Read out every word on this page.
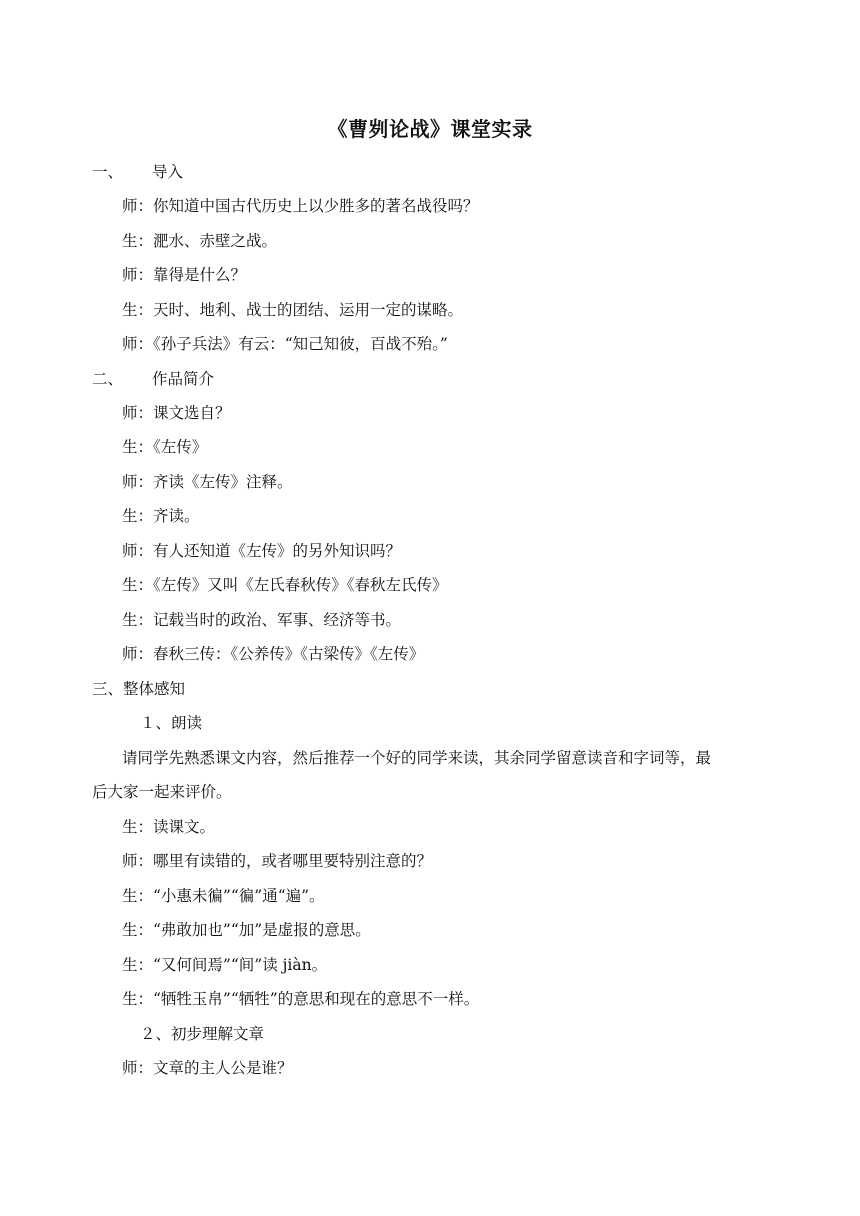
《曹刿论战》课堂实录
一、 导入
师：你知道中国古代历史上以少胜多的著名战役吗？
生：淝水、赤壁之战。
师：靠得是什么？
生：天时、地利、战士的团结、运用一定的谋略。
师：《孙子兵法》有云：“知己知彼，百战不殆。”
二、 作品简介
师：课文选自？
生：《左传》
师：齐读《左传》注释。
生：齐读。
师：有人还知道《左传》的另外知识吗？
生：《左传》又叫《左氏春秋传》《春秋左氏传》
生：记载当时的政治、军事、经济等书。
师：春秋三传：《公养传》《古梁传》《左传》
三、整体感知
１、朗读
请同学先熟悉课文内容，然后推荐一个好的同学来读，其余同学留意读音和字词等，最
后大家一起来评价。
生：读课文。
师：哪里有读错的，或者哪里要特别注意的？
生：“小惠未徧”“徧”通“遍”。
生：“弗敢加也”“加”是虚报的意思。
生：“又何间焉”“间”读 jiàn。
生：“牺牲玉帛”“牺牲”的意思和现在的意思不一样。
２、初步理解文章
师：文章的主人公是谁？
